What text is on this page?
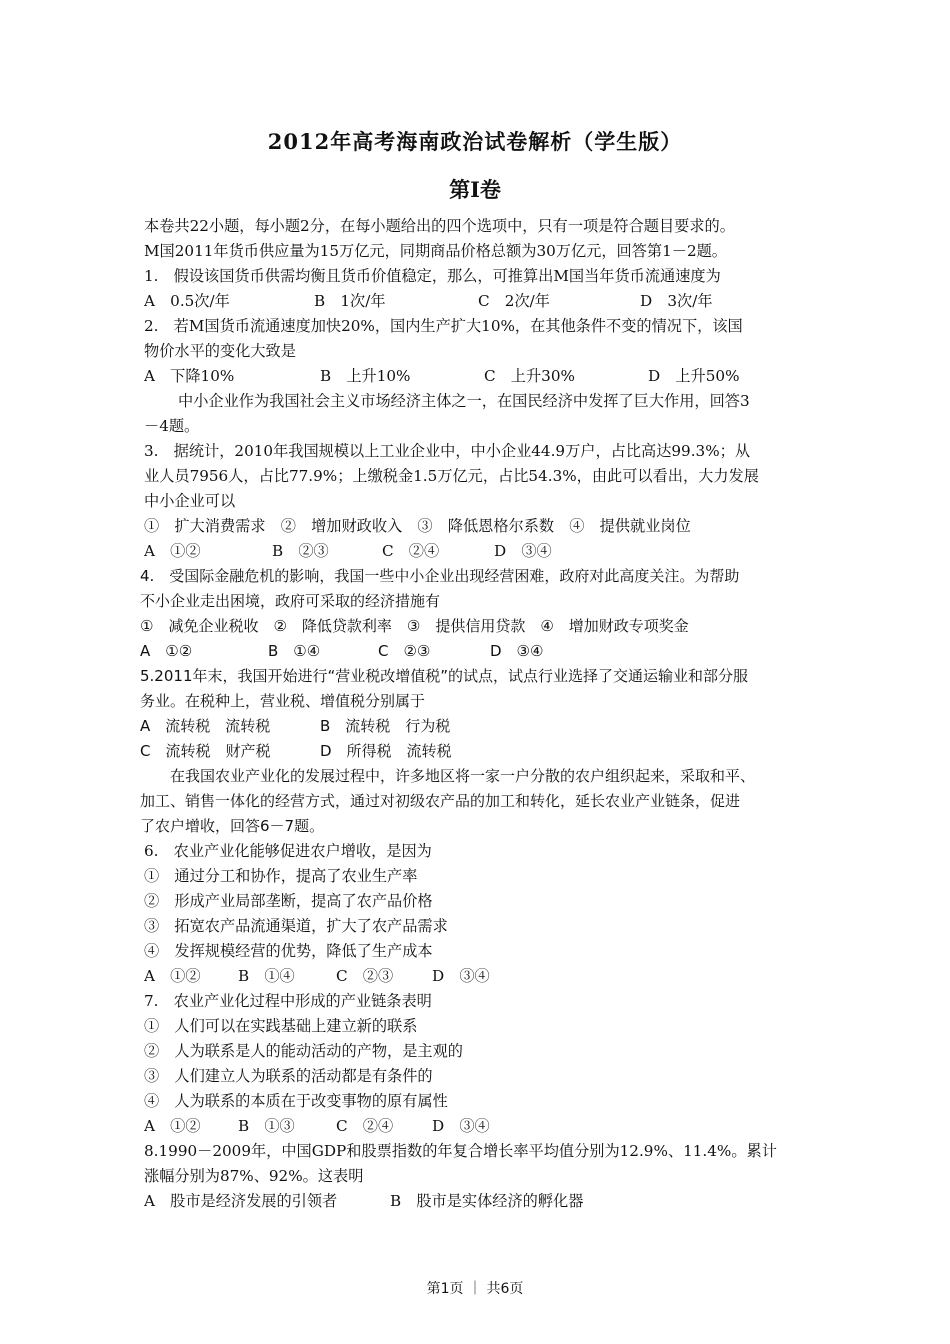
2012年高考海南政治试卷解析（学生版）
第Ⅰ卷
本卷共22小题，每小题2分，在每小题给出的四个选项中，只有一项是符合题目要求的。
M国2011年货币供应量为15万亿元，同期商品价格总额为30万亿元，回答第1－2题。
1.　假设该国货币供需均衡且货币价值稳定，那么，可推算出M国当年货币流通速度为
A　0.5次/年	B　1次/年	C　2次/年	D　3次/年
2.　若M国货币流通速度加快20%，国内生产扩大10%，在其他条件不变的情况下，该国
物价水平的变化大致是
A　下降10%	B　上升10%	C　上升30%	D　上升50%
中小企业作为我国社会主义市场经济主体之一，在国民经济中发挥了巨大作用，回答3
－4题。
3.　据统计，2010年我国规模以上工业企业中，中小企业44.9万户，占比高达99.3%；从
业人员7956人，占比77.9%；上缴税金1.5万亿元，占比54.3%，由此可以看出，大力发展
中小企业可以
①　扩大消费需求　②　增加财政收入　③　降低恩格尔系数　④　提供就业岗位
A　①②	B　②③	C　②④	D　③④
4.　受国际金融危机的影响，我国一些中小企业出现经营困难，政府对此高度关注。为帮助
不小企业走出困境，政府可采取的经济措施有
①　减免企业税收　②　降低贷款利率　③　提供信用贷款　④　增加财政专项奖金
A　①②	B　①④	C　②③	D　③④
5.2011年末，我国开始进行“营业税改增值税”的试点，试点行业选择了交通运输业和部分服
务业。在税种上，营业税、增值税分别属于
A　流转税　流转税	B　流转税　行为税
C　流转税　财产税	D　所得税　流转税
在我国农业产业化的发展过程中，许多地区将一家一户分散的农户组织起来，采取和平、
加工、销售一体化的经营方式，通过对初级农产品的加工和转化，延长农业产业链条，促进
了农户增收，回答6－7题。
6.　农业产业化能够促进农户增收，是因为
①　通过分工和协作，提高了农业生产率
②　形成产业局部垄断，提高了农产品价格
③　拓宽农产品流通渠道，扩大了农产品需求
④　发挥规模经营的优势，降低了生产成本
A　①② B　①④	C　②③	D　③④
7.　农业产业化过程中形成的产业链条表明
①　人们可以在实践基础上建立新的联系
②　人为联系是人的能动活动的产物，是主观的
③　人们建立人为联系的活动都是有条件的
④　人为联系的本质在于改变事物的原有属性
A　①② B　①③	C　②④	D　③④
8.1990－2009年，中国GDP和股票指数的年复合增长率平均值分别为12.9%、11.4%。累计
涨幅分别为87%、92%。这表明
A　股市是经济发展的引领者	B　股市是实体经济的孵化器
第1页 ｜ 共6页
